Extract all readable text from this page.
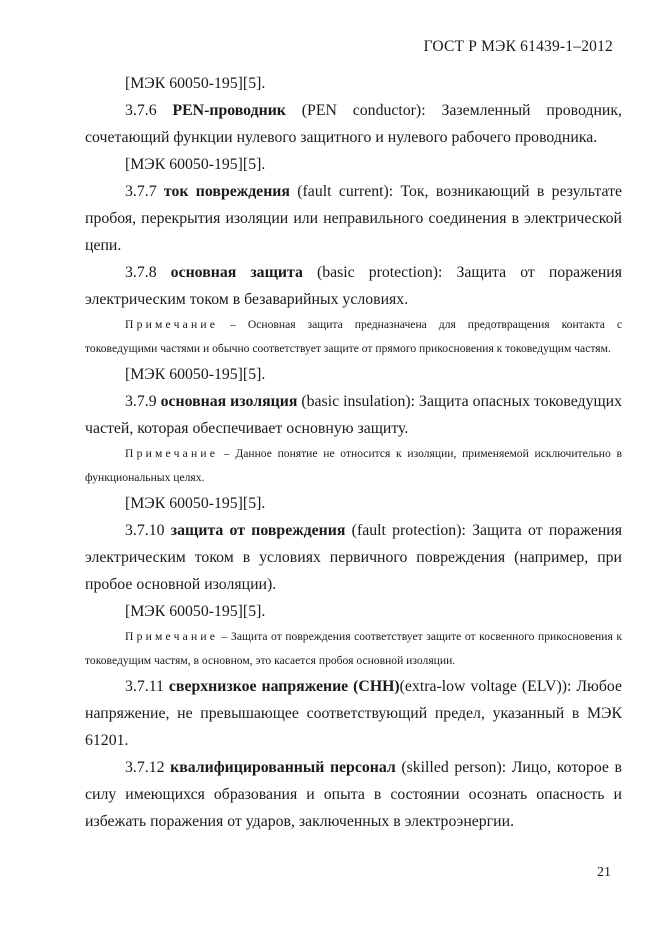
ГОСТ Р МЭК 61439-1–2012

[МЭК 60050-195][5].

3.7.6 PEN-проводник (PEN conductor): Заземленный проводник, сочетающий функции нулевого защитного и нулевого рабочего проводника.

[МЭК 60050-195][5].

3.7.7 ток повреждения (fault current): Ток, возникающий в результате пробоя, перекрытия изоляции или неправильного соединения в электрической цепи.

3.7.8 основная защита (basic protection): Защита от поражения электрическим током в безаварийных условиях.

Примечание – Основная защита предназначена для предотвращения контакта с токоведущими частями и обычно соответствует защите от прямого прикосновения к токоведущим частям.

[МЭК 60050-195][5].

3.7.9 основная изоляция (basic insulation): Защита опасных токоведущих частей, которая обеспечивает основную защиту.

Примечание – Данное понятие не относится к изоляции, применяемой исключительно в функциональных целях.

[МЭК 60050-195][5].

3.7.10 защита от повреждения (fault protection): Защита от поражения электрическим током в условиях первичного повреждения (например, при пробое основной изоляции).

[МЭК 60050-195][5].

Примечание – Защита от повреждения соответствует защите от косвенного прикосновения к токоведущим частям, в основном, это касается пробоя основной изоляции.

3.7.11 сверхнизкое напряжение (СНН)(extra-low voltage (ELV)): Любое напряжение, не превышающее соответствующий предел, указанный в МЭК 61201.

3.7.12 квалифицированный персонал (skilled person): Лицо, которое в силу имеющихся образования и опыта в состоянии осознать опасность и избежать поражения от ударов, заключенных в электроэнергии.

21
